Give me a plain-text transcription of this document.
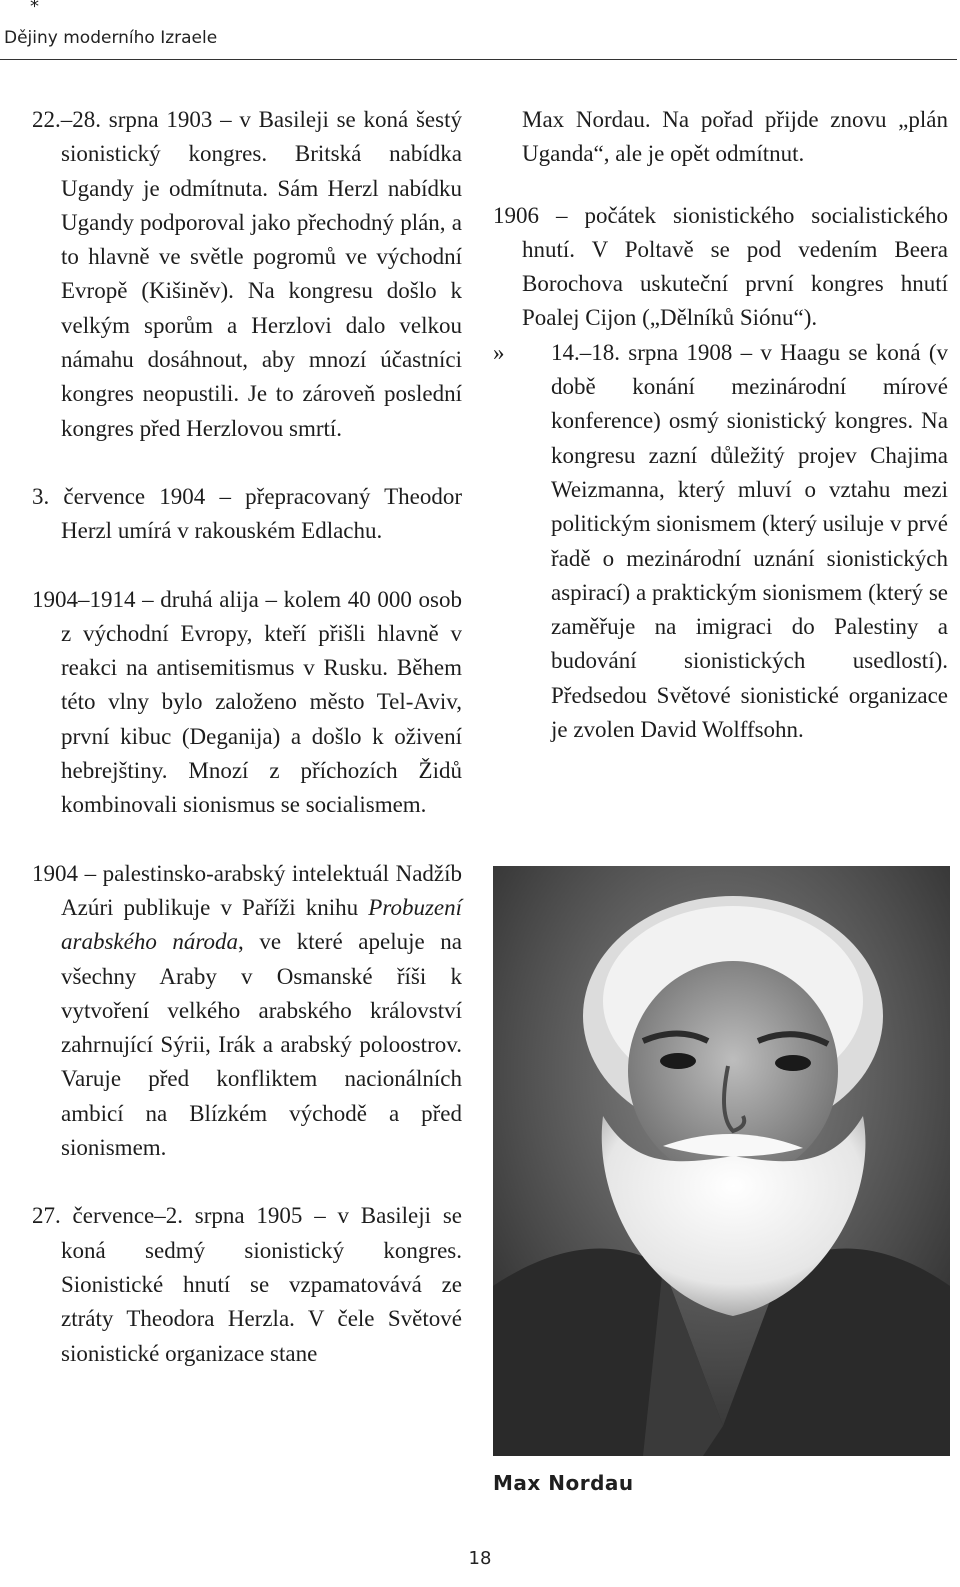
*
Dějiny moderního Izraele

22.–28. srpna 1903 – v Basileji se koná šestý sionistický kongres. Britská nabídka Ugandy je odmítnuta. Sám Herzl nabídku Ugandy podporoval jako přechodný plán, a to hlavně ve světle pogromů ve východní Evropě (Kišiněv). Na kongresu došlo k velkým sporům a Herzlovi dalo velkou námahu dosáhnout, aby mnozí účastníci kongres neopustili. Je to zároveň poslední kongres před Herzlovou smrtí.

3. července 1904 – přepracovaný Theodor Herzl umírá v rakouském Edlachu.

1904–1914 – druhá alija – kolem 40 000 osob z východní Evropy, kteří přišli hlavně v reakci na antisemitismus v Rusku. Během této vlny bylo založeno město Tel-Aviv, první kibuc (Deganija) a došlo k oživení hebrejštiny. Mnozí z příchozích Židů kombinovali sionismus se socialismem.

1904 – palestinsko-arabský intelektuál Nadžíb Azúri publikuje v Paříži knihu Probuzení arabského národa, ve které apeluje na všechny Araby v Osmanské říši k vytvoření velkého arabského království zahrnující Sýrii, Irák a arabský poloostrov. Varuje před konfliktem nacionálních ambicí na Blízkém východě a před sionismem.

27. července–2. srpna 1905 – v Basileji se koná sedmý sionistický kongres. Sionistické hnutí se vzpamatovává ze ztráty Theodora Herzla. V čele Světové sionistické organizace stane

Max Nordau. Na pořad přijde znovu „plán Uganda“, ale je opět odmítnut.

1906 – počátek sionistického socialistického hnutí. V Poltavě se pod vedením Beera Borochova uskuteční první kongres hnutí Poalej Cijon („Dělníků Siónu“).

» 14.–18. srpna 1908 – v Haagu se koná (v době konání mezinárodní mírové konference) osmý sionistický kongres. Na kongresu zazní důležitý projev Chajima Weizmanna, který mluví o vztahu mezi politickým sionismem (který usiluje v prvé řadě o mezinárodní uznání sionistických aspirací) a praktickým sionismem (který se zaměřuje na imigraci do Palestiny a budování sionistických usedlostí). Předsedou Světové sionistické organizace je zvolen David Wolffsohn.

Max Nordau
18
